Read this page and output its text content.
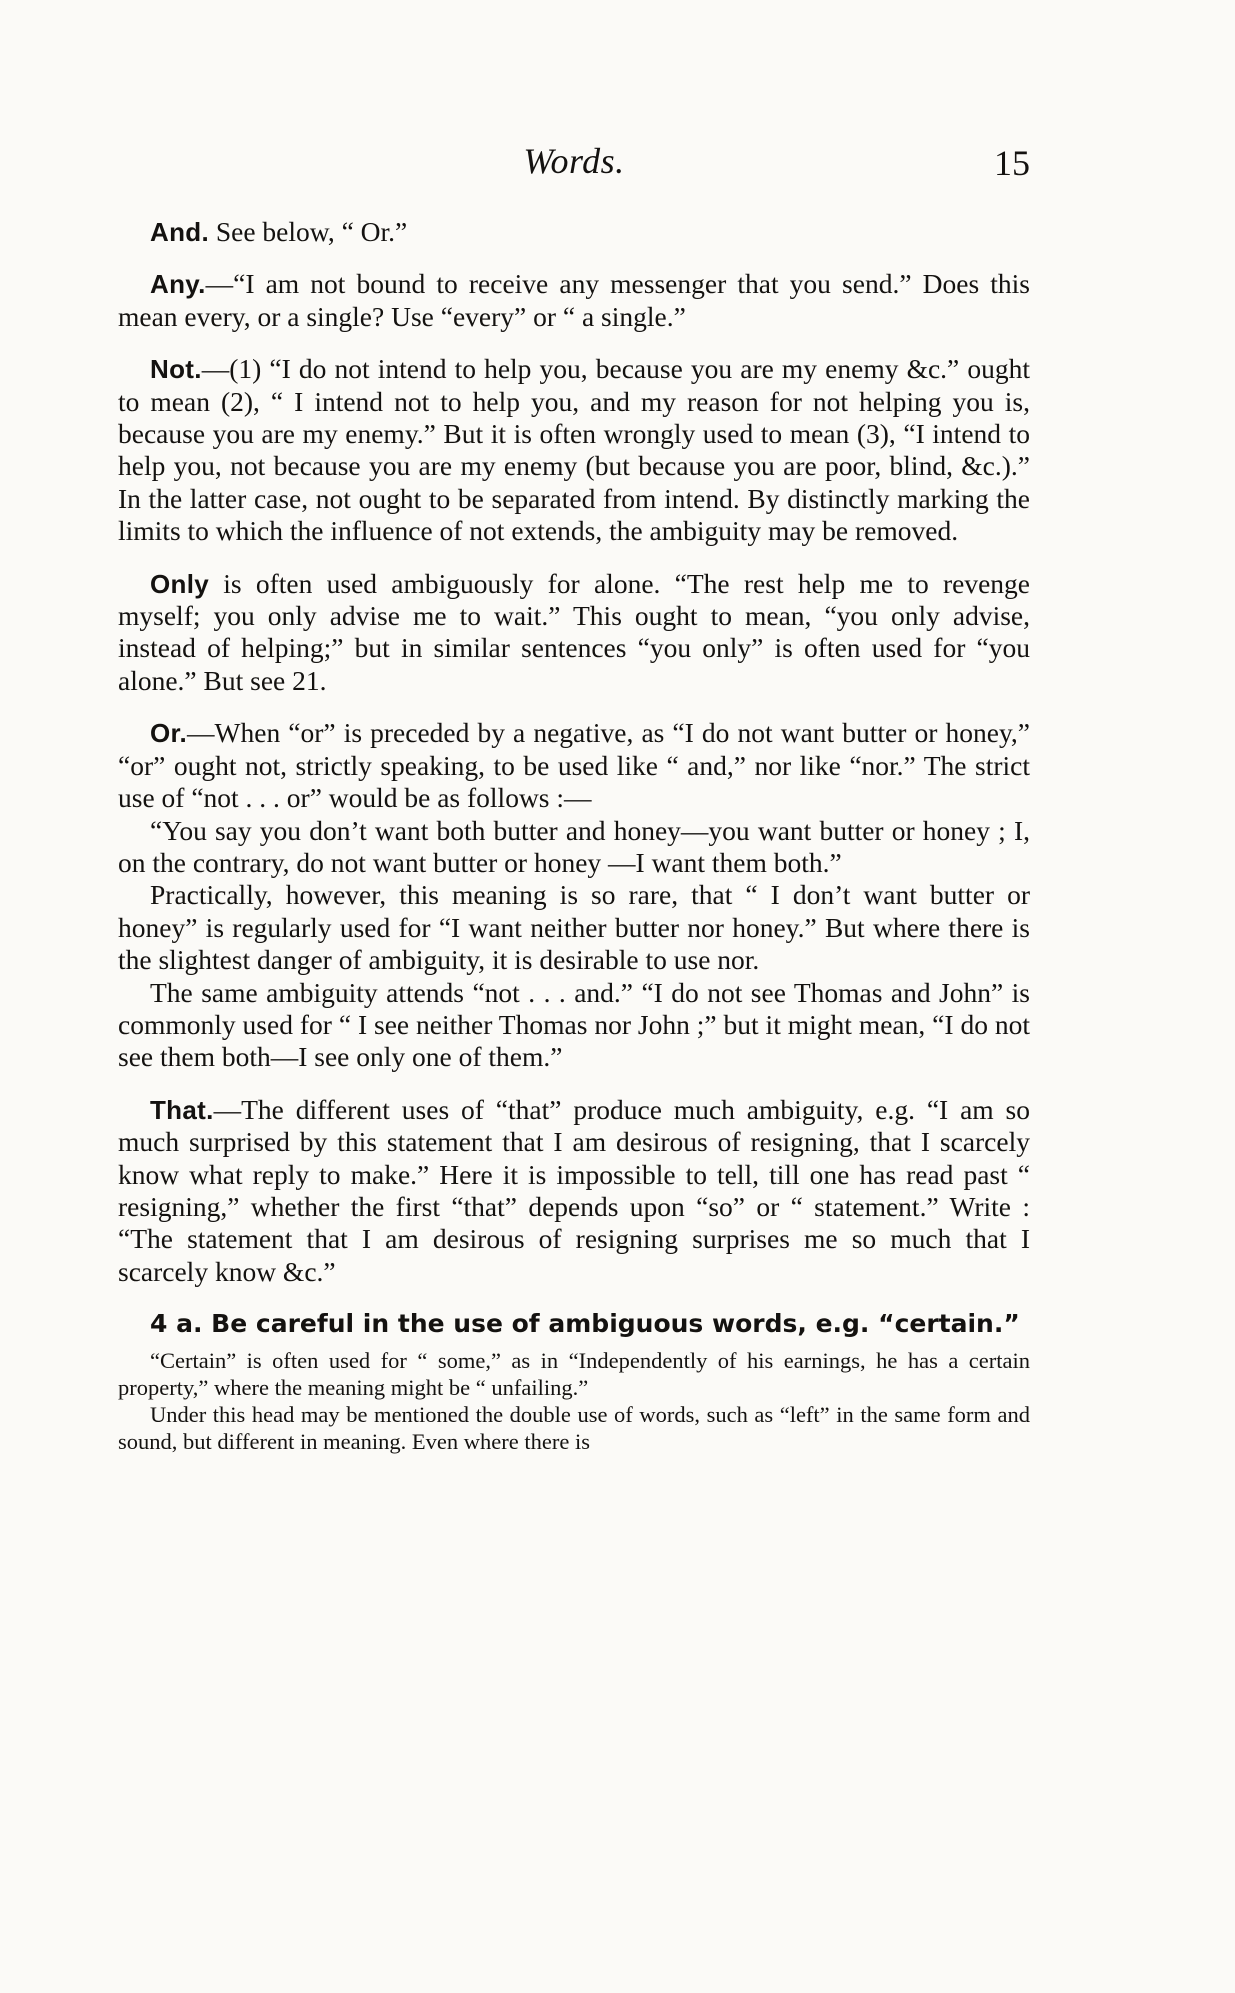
Words.	15

And. See below, “ Or.”

Any.—“I am not bound to receive any messenger that you send.” Does this mean every, or a single? Use “every” or “ a single.”

Not.—(1) “I do not intend to help you, because you are my enemy &c.” ought to mean (2), “ I intend not to help you, and my reason for not helping you is, because you are my enemy.” But it is often wrongly used to mean (3), “I intend to help you, not because you are my enemy (but because you are poor, blind, &c.).” In the latter case, not ought to be separated from intend. By distinctly marking the limits to which the influence of not extends, the ambiguity may be removed.

Only is often used ambiguously for alone. “The rest help me to revenge myself; you only advise me to wait.” This ought to mean, “you only advise, instead of helping;” but in similar sentences “you only” is often used for “you alone.” But see 21.

Or.—When “or” is preceded by a negative, as “I do not want butter or honey,” “or” ought not, strictly speaking, to be used like “ and,” nor like “nor.” The strict use of “not . . . or” would be as follows :—

“You say you don’t want both butter and honey—you want butter or honey ; I, on the contrary, do not want butter or honey —I want them both.”

Practically, however, this meaning is so rare, that “ I don’t want butter or honey” is regularly used for “I want neither butter nor honey.” But where there is the slightest danger of ambiguity, it is desirable to use nor.

The same ambiguity attends “not . . . and.” “I do not see Thomas and John” is commonly used for “ I see neither Thomas nor John ;” but it might mean, “I do not see them both—I see only one of them.”

That.—The different uses of “that” produce much ambiguity, e.g. “I am so much surprised by this statement that I am desirous of resigning, that I scarcely know what reply to make.” Here it is impossible to tell, till one has read past “ resigning,” whether the first “that” depends upon “so” or “ statement.” Write : “The statement that I am desirous of resigning surprises me so much that I scarcely know &c.”

4 a. Be careful in the use of ambiguous words, e.g. “certain.”

“Certain” is often used for “ some,” as in “Independently of his earnings, he has a certain property,” where the meaning might be “ unfailing.”

Under this head may be mentioned the double use of words, such as “left” in the same form and sound, but different in meaning. Even where there is
